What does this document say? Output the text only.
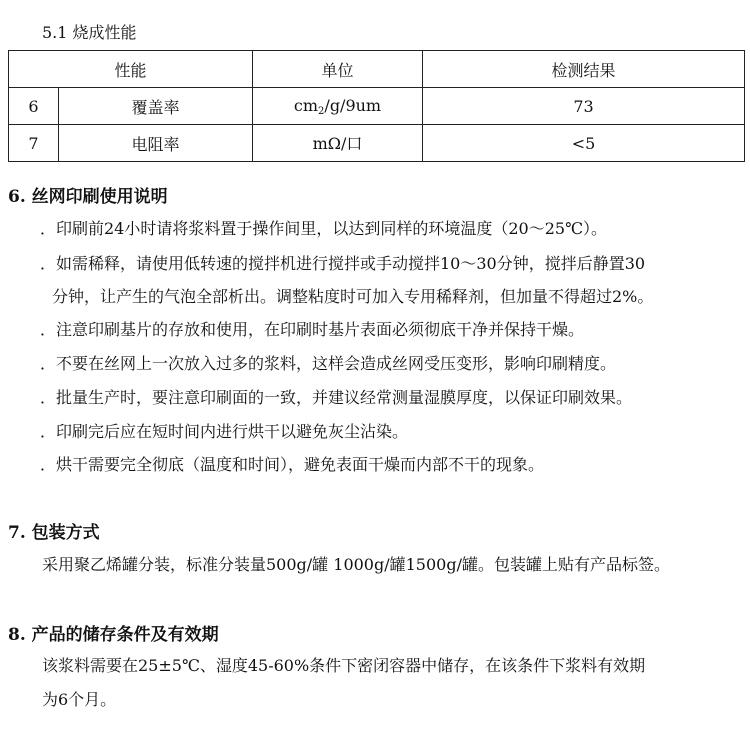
5.1 烧成性能
性能		单位	检测结果
6	覆盖率	$cm_2/g/9um$	73
7	电阻率	mΩ/口	<5
6. 丝网印刷使用说明
．印刷前24小时请将浆料置于操作间里，以达到同样的环境温度（20～25℃）。
．如需稀释，请使用低转速的搅拌机进行搅拌或手动搅拌10～30分钟，搅拌后静置30
分钟，让产生的气泡全部析出。调整粘度时可加入专用稀释剂，但加量不得超过2%。
．注意印刷基片的存放和使用，在印刷时基片表面必须彻底干净并保持干燥。
．不要在丝网上一次放入过多的浆料，这样会造成丝网受压变形，影响印刷精度。
．批量生产时，要注意印刷面的一致，并建议经常测量湿膜厚度，以保证印刷效果。
．印刷完后应在短时间内进行烘干以避免灰尘沾染。
．烘干需要完全彻底（温度和时间），避免表面干燥而内部不干的现象。
7. 包装方式
采用聚乙烯罐分装，标准分装量500g/罐 1000g/罐1500g/罐。包装罐上贴有产品标签。
8. 产品的储存条件及有效期
该浆料需要在25±5℃、湿度45-60%条件下密闭容器中储存，在该条件下浆料有效期
为6个月。
